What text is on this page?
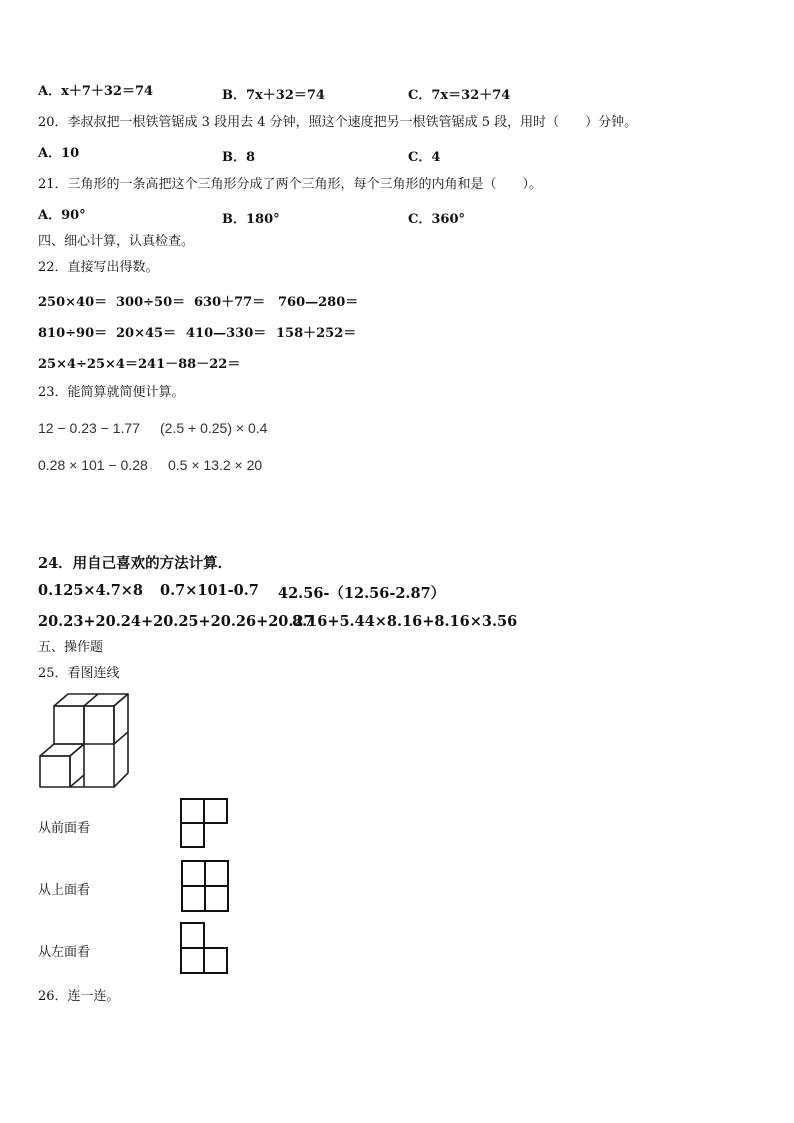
A．x＋7＋32＝74	B．7x＋32＝74	C．7x＝32＋74
20．李叔叔把一根铁管锯成 3 段用去 4 分钟，照这个速度把另一根铁管锯成 5 段，用时（　　）分钟。
A．10	B．8	C．4
21．三角形的一条高把这个三角形分成了两个三角形，每个三角形的内角和是（　　）。
A．90°	B．180°	C．360°
四、细心计算，认真检查。
22．直接写出得数。
250×40＝ 300÷50＝ 630＋77＝ 760—280＝
810÷90＝ 20×45＝ 410—330＝ 158＋252＝
25×4÷25×4＝ 241－88－22＝
23．能简算就简便计算。
12 − 0.23 − 1.77 (2.5 + 0.25) × 0.4
0.28 × 101 − 0.28 0.5 × 13.2 × 20
24．用自己喜欢的方法计算．
0.125×4.7×8 0.7×101-0.7 42.56-（12.56-2.87）
20.23+20.24+20.25+20.26+20.27
8.16+5.44×8.16+8.16×3.56
五、操作题
25．看图连线
从前面看
从上面看
从左面看
26．连一连。
